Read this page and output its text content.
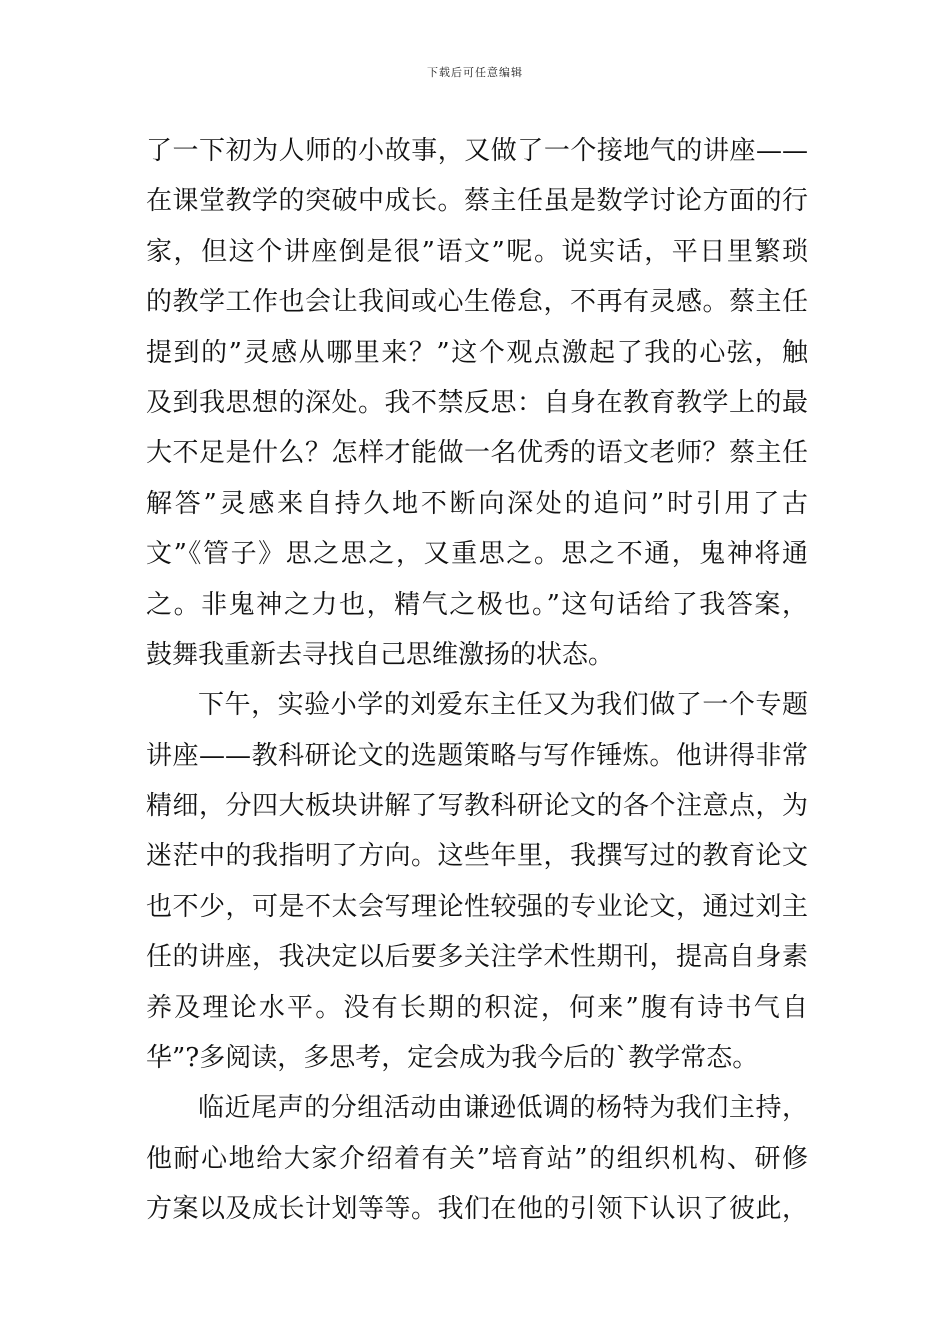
下载后可任意编辑
了一下初为人师的小故事，又做了一个接地气的讲座——
在课堂教学的突破中成长。蔡主任虽是数学讨论方面的行
家，但这个讲座倒是很”语文”呢。说实话，平日里繁琐
的教学工作也会让我间或心生倦怠，不再有灵感。蔡主任
提到的”灵感从哪里来？”这个观点激起了我的心弦，触
及到我思想的深处。我不禁反思：自身在教育教学上的最
大不足是什么？怎样才能做一名优秀的语文老师？蔡主任
解答”灵感来自持久地不断向深处的追问”时引用了古
文”《管子》思之思之，又重思之。思之不通，鬼神将通
之。非鬼神之力也，精气之极也。”这句话给了我答案，
鼓舞我重新去寻找自己思维激扬的状态。
下午，实验小学的刘爱东主任又为我们做了一个专题
讲座——教科研论文的选题策略与写作锤炼。他讲得非常
精细，分四大板块讲解了写教科研论文的各个注意点，为
迷茫中的我指明了方向。这些年里，我撰写过的教育论文
也不少，可是不太会写理论性较强的专业论文，通过刘主
任的讲座，我决定以后要多关注学术性期刊，提高自身素
养及理论水平。没有长期的积淀，何来”腹有诗书气自
华”?多阅读，多思考，定会成为我今后的`教学常态。
临近尾声的分组活动由谦逊低调的杨特为我们主持，
他耐心地给大家介绍着有关”培育站”的组织机构、研修
方案以及成长计划等等。我们在他的引领下认识了彼此，
